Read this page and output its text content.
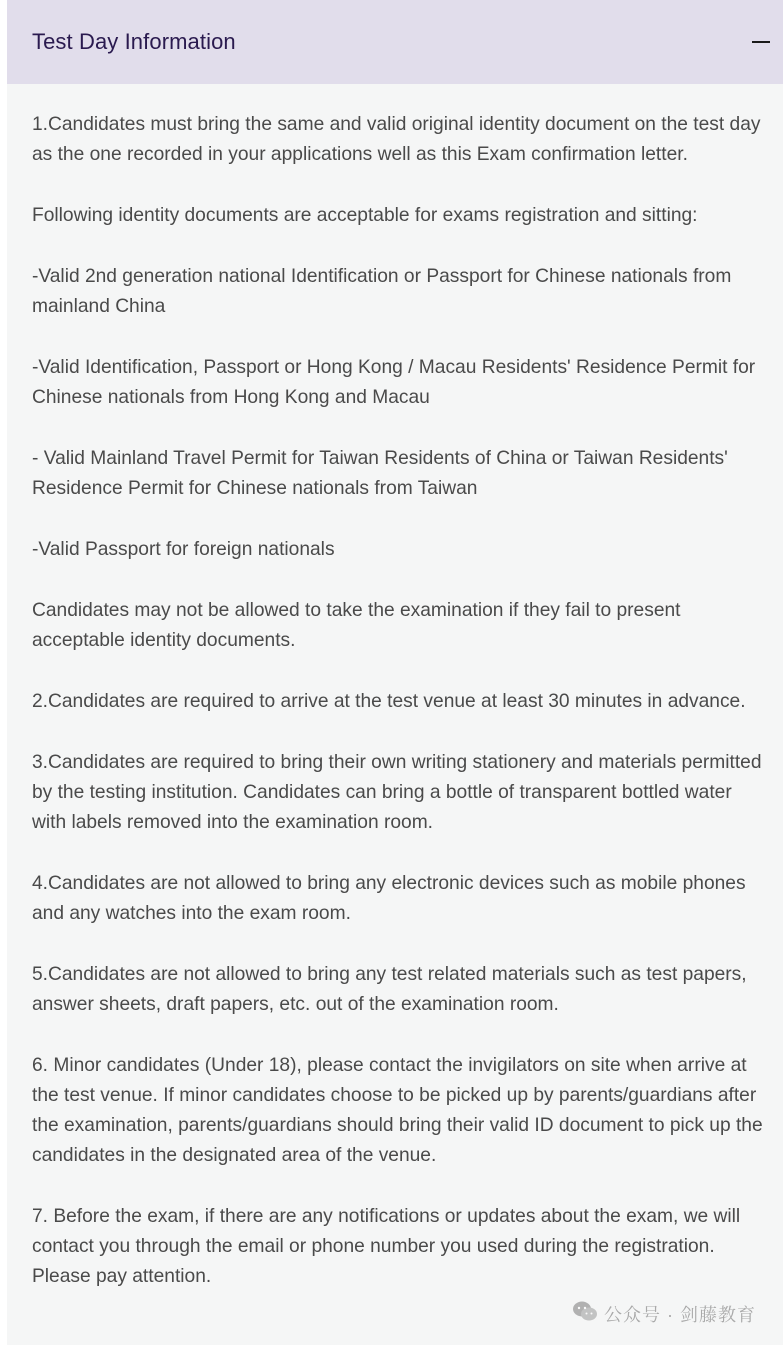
Test Day Information

1.Candidates must bring the same and valid original identity document on the test day as the one recorded in your applications well as this Exam confirmation letter.

Following identity documents are acceptable for exams registration and sitting:

-Valid 2nd generation national Identification or Passport for Chinese nationals from mainland China

-Valid Identification, Passport or Hong Kong / Macau Residents' Residence Permit for Chinese nationals from Hong Kong and Macau

- Valid Mainland Travel Permit for Taiwan Residents of China or Taiwan Residents' Residence Permit for Chinese nationals from Taiwan

-Valid Passport for foreign nationals

Candidates may not be allowed to take the examination if they fail to present acceptable identity documents.

2.Candidates are required to arrive at the test venue at least 30 minutes in advance.

3.Candidates are required to bring their own writing stationery and materials permitted by the testing institution. Candidates can bring a bottle of transparent bottled water with labels removed into the examination room.

4.Candidates are not allowed to bring any electronic devices such as mobile phones and any watches into the exam room.

5.Candidates are not allowed to bring any test related materials such as test papers, answer sheets, draft papers, etc. out of the examination room.

6. Minor candidates (Under 18), please contact the invigilators on site when arrive at the test venue. If minor candidates choose to be picked up by parents/guardians after the examination, parents/guardians should bring their valid ID document to pick up the candidates in the designated area of the venue.

7. Before the exam, if there are any notifications or updates about the exam, we will contact you through the email or phone number you used during the registration. Please pay attention.

公众号 · 剑藤教育
